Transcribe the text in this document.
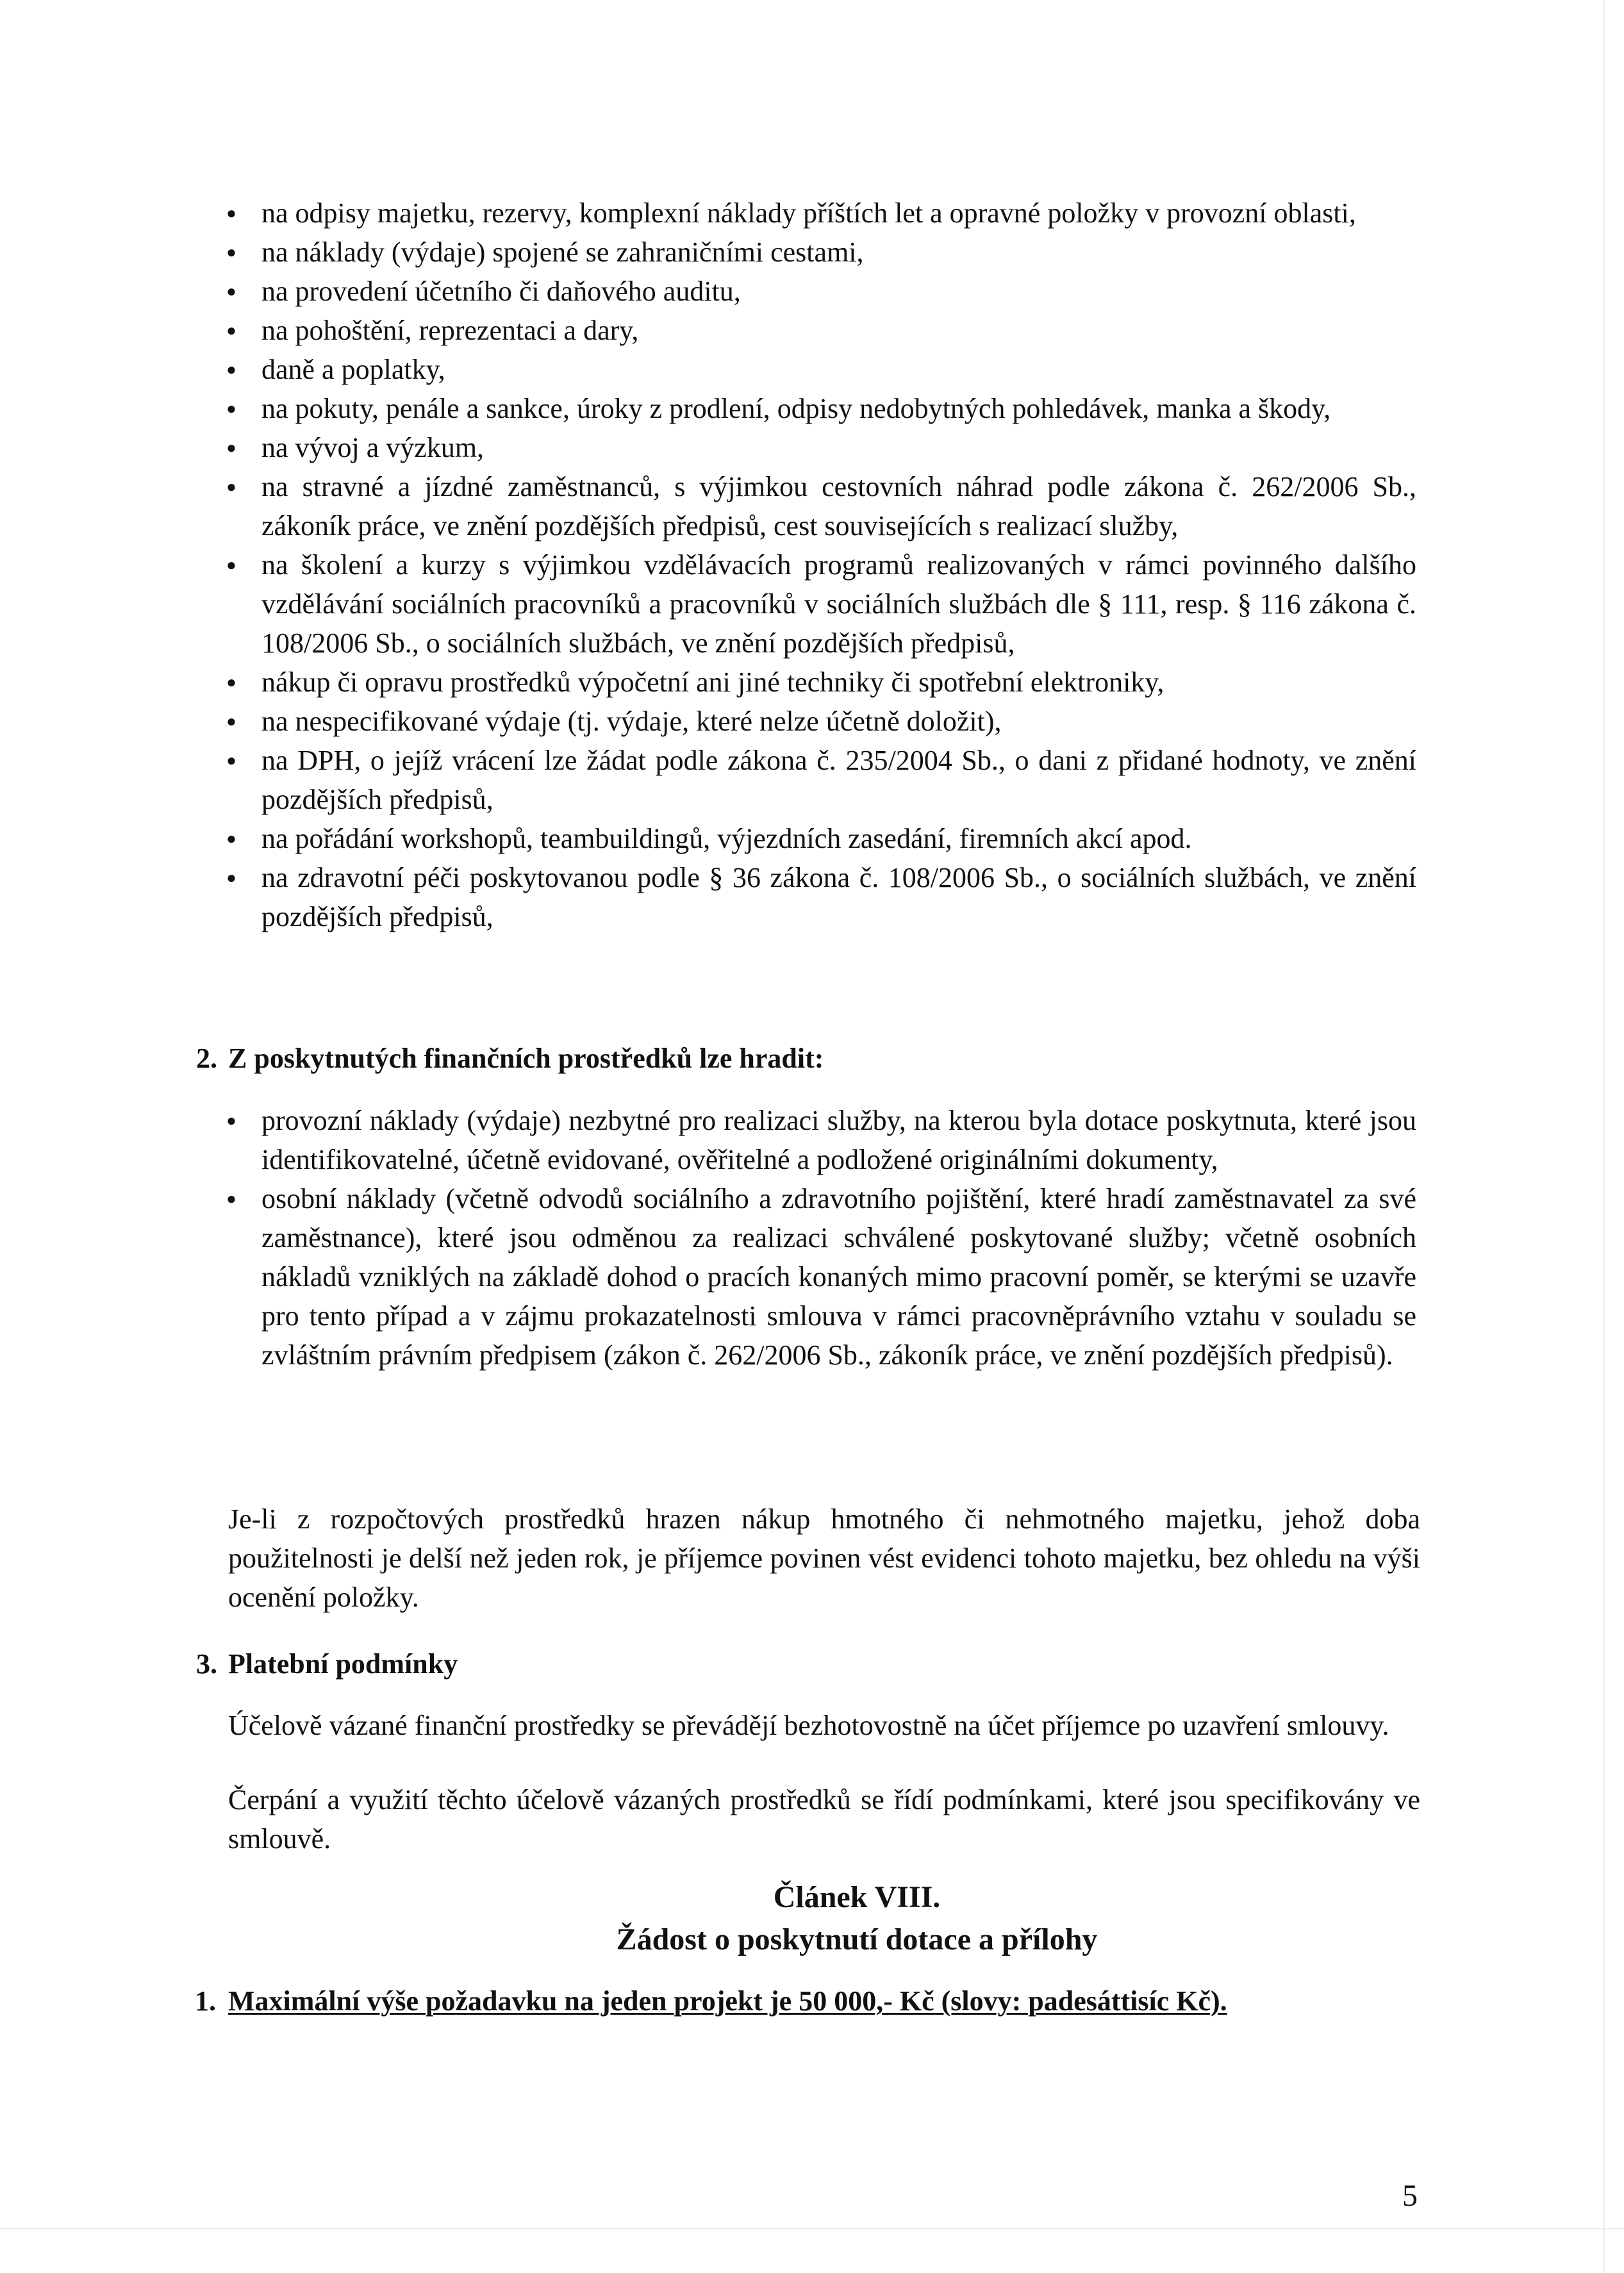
● na odpisy majetku, rezervy, komplexní náklady příštích let a opravné položky v provozní oblasti,
● na náklady (výdaje) spojené se zahraničními cestami,
● na provedení účetního či daňového auditu,
● na pohoštění, reprezentaci a dary,
● daně a poplatky,
● na pokuty, penále a sankce, úroky z prodlení, odpisy nedobytných pohledávek, manka a škody,
● na vývoj a výzkum,
● na stravné a jízdné zaměstnanců, s výjimkou cestovních náhrad podle zákona č. 262/2006 Sb., zákoník práce, ve znění pozdějších předpisů, cest souvisejících s realizací služby,
● na školení a kurzy s výjimkou vzdělávacích programů realizovaných v rámci povinného dalšího vzdělávání sociálních pracovníků a pracovníků v sociálních službách dle § 111, resp. § 116 zákona č. 108/2006 Sb., o sociálních službách, ve znění pozdějších předpisů,
● nákup či opravu prostředků výpočetní ani jiné techniky či spotřební elektroniky,
● na nespecifikované výdaje (tj. výdaje, které nelze účetně doložit),
● na DPH, o jejíž vrácení lze žádat podle zákona č. 235/2004 Sb., o dani z přidané hodnoty, ve znění pozdějších předpisů,
● na pořádání workshopů, teambuildingů, výjezdních zasedání, firemních akcí apod.
● na zdravotní péči poskytovanou podle § 36 zákona č. 108/2006 Sb., o sociálních službách, ve znění pozdějších předpisů,
2. Z poskytnutých finančních prostředků lze hradit:
● provozní náklady (výdaje) nezbytné pro realizaci služby, na kterou byla dotace poskytnuta, které jsou identifikovatelné, účetně evidované, ověřitelné a podložené originálními dokumenty,
● osobní náklady (včetně odvodů sociálního a zdravotního pojištění, které hradí zaměstnavatel za své zaměstnance), které jsou odměnou za realizaci schválené poskytované služby; včetně osobních nákladů vzniklých na základě dohod o pracích konaných mimo pracovní poměr, se kterými se uzavře pro tento případ a v zájmu prokazatelnosti smlouva v rámci pracovněprávního vztahu v souladu se zvláštním právním předpisem (zákon č. 262/2006 Sb., zákoník práce, ve znění pozdějších předpisů).

Je-li z rozpočtových prostředků hrazen nákup hmotného či nehmotného majetku, jehož doba použitelnosti je delší než jeden rok, je příjemce povinen vést evidenci tohoto majetku, bez ohledu na výši ocenění položky.

3. Platební podmínky

Účelově vázané finanční prostředky se převádějí bezhotovostně na účet příjemce po uzavření smlouvy.

Čerpání a využití těchto účelově vázaných prostředků se řídí podmínkami, které jsou specifikovány ve smlouvě.

Článek VIII.
Žádost o poskytnutí dotace a přílohy
1. Maximální výše požadavku na jeden projekt je 50 000,- Kč (slovy: padesáttisíc Kč).
5
